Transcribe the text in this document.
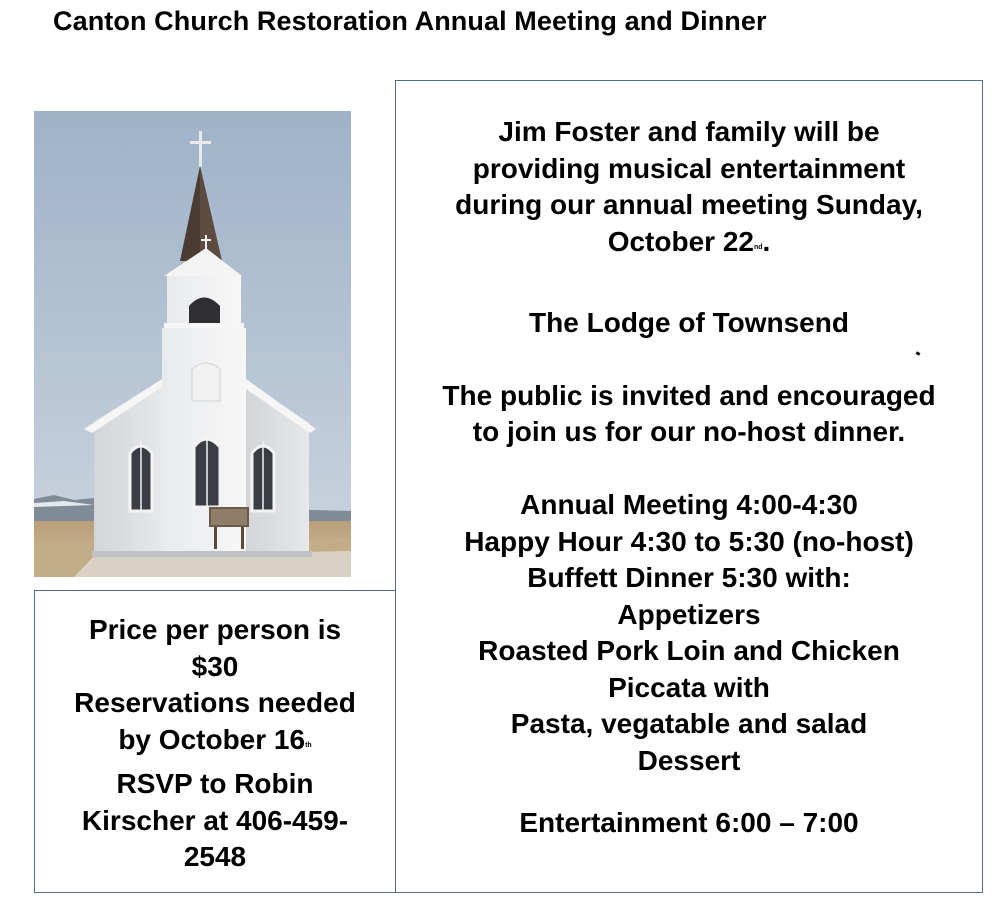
Canton Church Restoration Annual Meeting and Dinner
Jim Foster and family will be
providing musical entertainment
during our annual meeting Sunday,
October 22nd.
The Lodge of Townsend
The public is invited and encouraged
to join us for our no-host dinner.
Annual Meeting 4:00-4:30
Happy Hour 4:30 to 5:30 (no-host)
Buffett Dinner 5:30 with:
Appetizers
Roasted Pork Loin and Chicken
Piccata with
Pasta, vegatable and salad
Dessert
Entertainment 6:00 – 7:00
Price per person is
$30
Reservations needed
by October 16th
RSVP to Robin
Kirscher at 406-459-
2548
